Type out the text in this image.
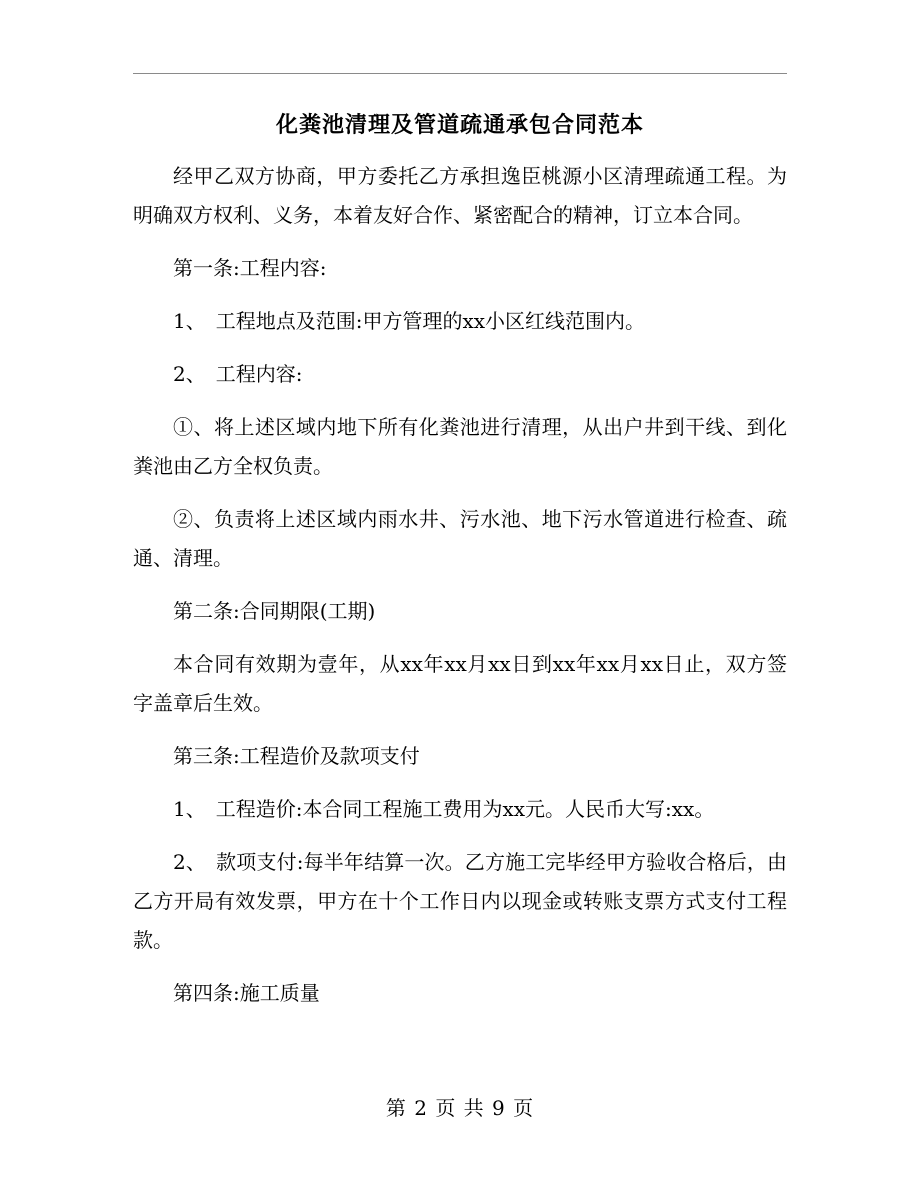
化粪池清理及管道疏通承包合同范本

经甲乙双方协商，甲方委托乙方承担逸臣桃源小区清理疏通工程。为明确双方权利、义务，本着友好合作、紧密配合的精神，订立本合同。

第一条:工程内容:

1、　工程地点及范围:甲方管理的xx小区红线范围内。

2、　工程内容:

①、将上述区域内地下所有化粪池进行清理，从出户井到干线、到化粪池由乙方全权负责。

②、负责将上述区域内雨水井、污水池、地下污水管道进行检查、疏通、清理。

第二条:合同期限(工期)

本合同有效期为壹年，从xx年xx月xx日到xx年xx月xx日止，双方签字盖章后生效。

第三条:工程造价及款项支付

1、　工程造价:本合同工程施工费用为xx元。人民币大写:xx。

2、　款项支付:每半年结算一次。乙方施工完毕经甲方验收合格后，由乙方开局有效发票，甲方在十个工作日内以现金或转账支票方式支付工程款。

第四条:施工质量

第 2 页 共 9 页
